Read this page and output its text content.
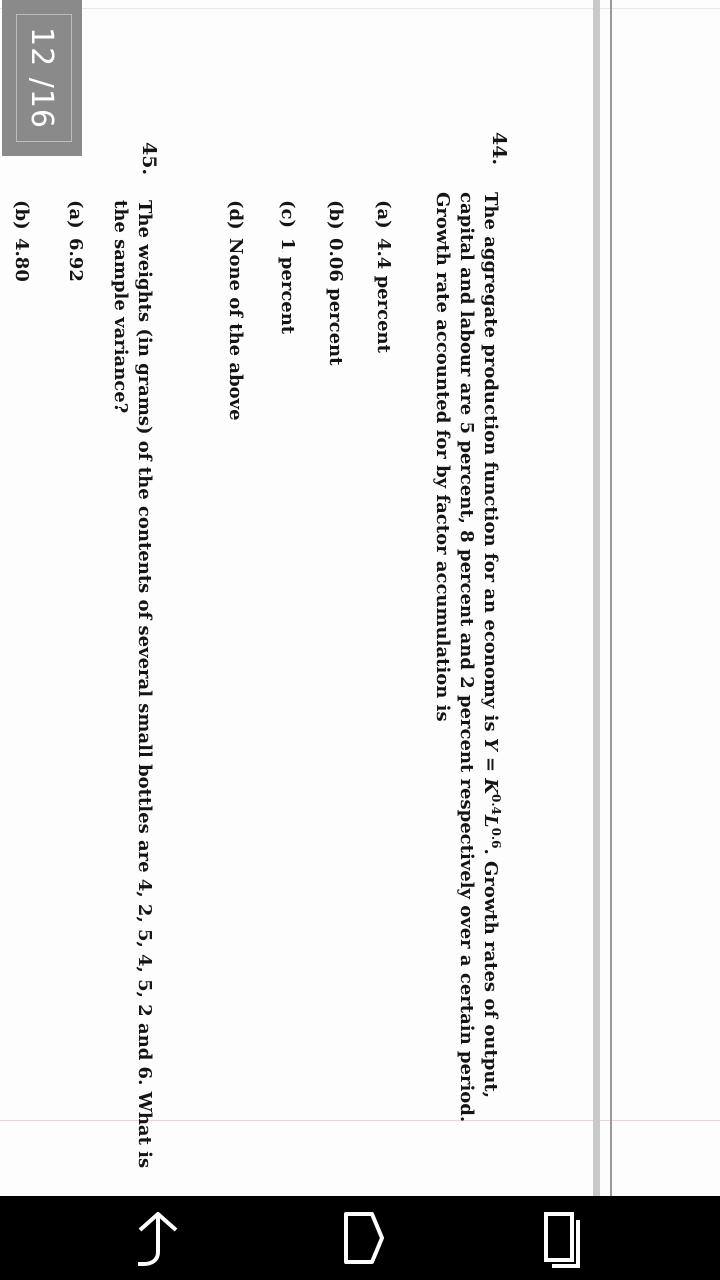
44.
The aggregate production function for an economy is $Y = K^{0.4}L^{0.6}$. Growth rates of output, capital and labour are 5 percent, 8 percent and 2 percent respectively over a certain period. Growth rate accounted for by factor accumulation is
(a)4.4 percent
(b)0.06 percent
(c)1 percent
(d)None of the above
45.
The weights (in grams) of the contents of several small bottles are 4, 2, 5, 4, 5, 2 and 6. What is the sample variance?
(a)6.92
(b)4.80
12 /16
